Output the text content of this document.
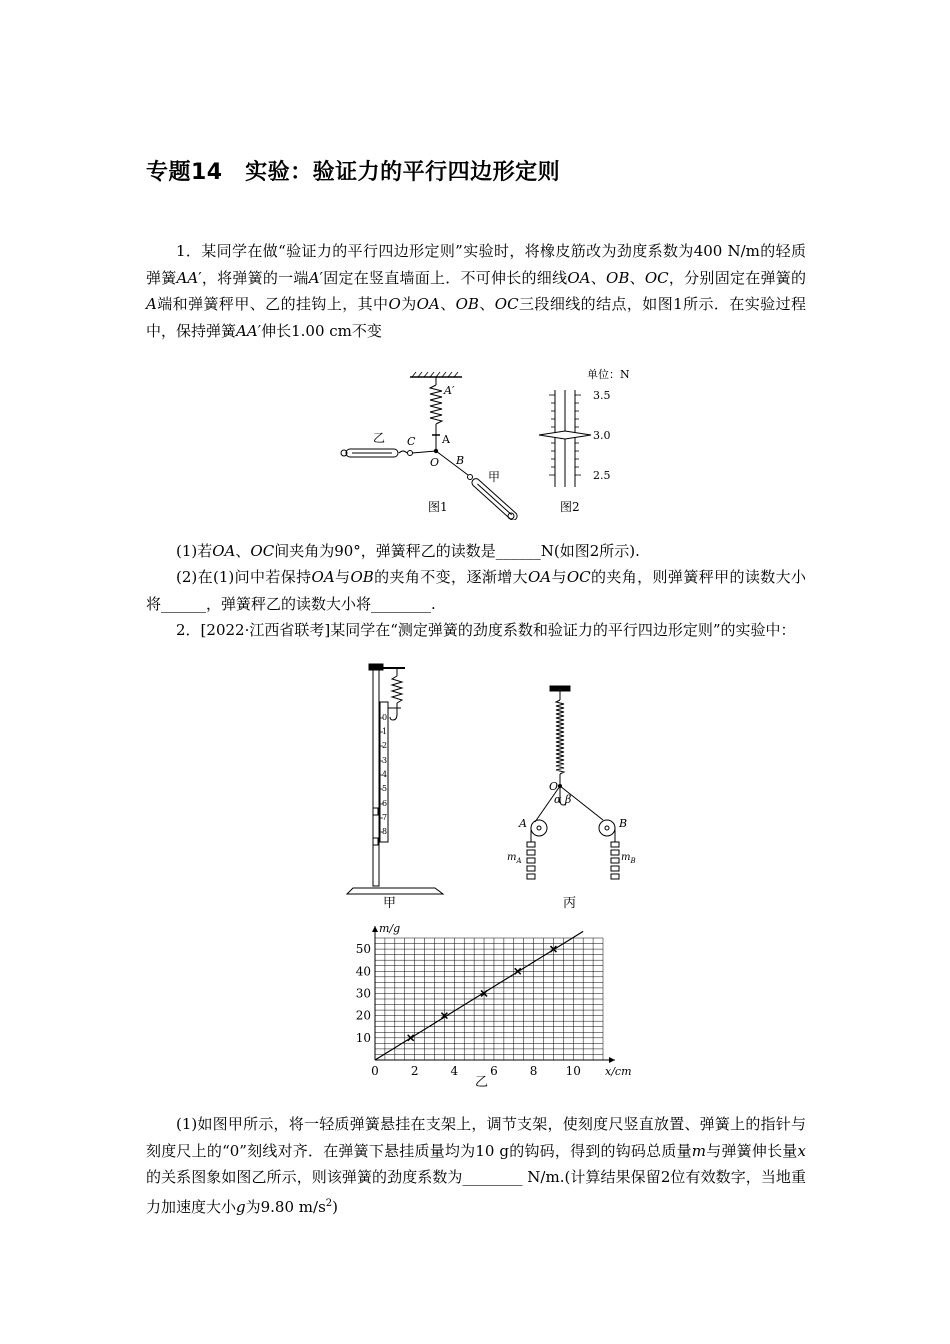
专题14　实验：验证力的平行四边形定则
1．某同学在做“验证力的平行四边形定则”实验时，将橡皮筋改为劲度系数为400 N/m的轻质弹簧AA′，将弹簧的一端A′固定在竖直墙面上．不可伸长的细线OA、OB、OC，分别固定在弹簧的A端和弹簧秤甲、乙的挂钩上，其中O为OA、OB、OC三段细线的结点，如图1所示．在实验过程中，保持弹簧AA′伸长1.00 cm不变
A′
A
C
O B
甲
乙
图1
单位：N
3.5
3.0
2.5
图2
(1)若OA、OC间夹角为90°，弹簧秤乙的读数是______N(如图2所示).
(2)在(1)问中若保持OA与OB的夹角不变，逐渐增大OA与OC的夹角，则弹簧秤甲的读数大小将______，弹簧秤乙的读数大小将________.
2．[2022·江西省联考]某同学在“测定弹簧的劲度系数和验证力的平行四边形定则”的实验中：
0
1
2
3
4
5
6
7
8
甲
O
α β
A	B
$m_A$	$m_B$
丙
0	2	4	6	8 10
10
20
30
40
50
m/g
x/cm
乙
(1)如图甲所示，将一轻质弹簧悬挂在支架上，调节支架，使刻度尺竖直放置、弹簧上的指针与刻度尺上的“0”刻线对齐．在弹簧下悬挂质量均为10 g的钩码，得到的钩码总质量m与弹簧伸长量x的关系图象如图乙所示，则该弹簧的劲度系数为________ N/m.(计算结果保留2位有效数字，当地重力加速度大小g为9.80 $m/s^2$)
